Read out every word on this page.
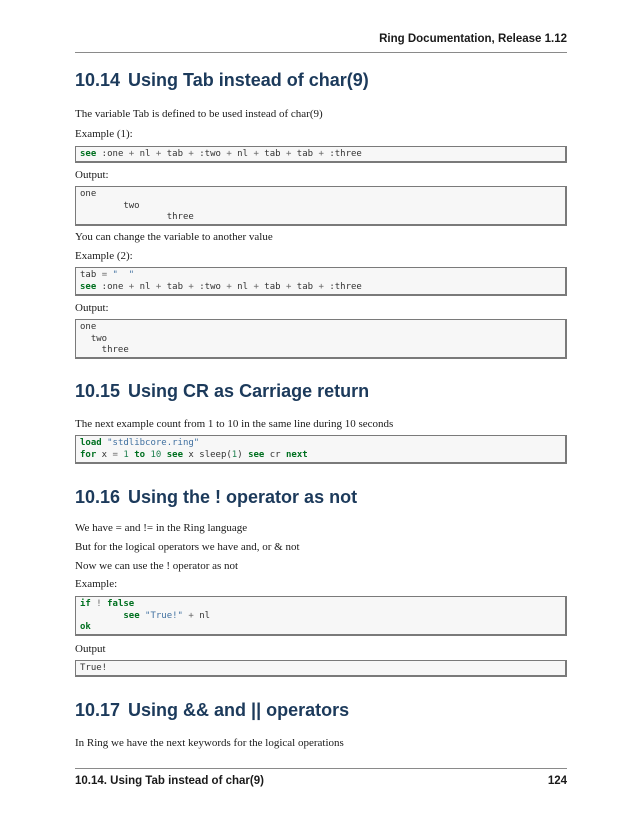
Ring Documentation, Release 1.12
10.14 Using Tab instead of char(9)

The variable Tab is defined to be used instead of char(9)

Example (1):

see :one + nl + tab + :two + nl + tab + tab + :three

Output:

one
two
three

You can change the variable to another value

Example (2):

tab = "  "
see :one + nl + tab + :two + nl + tab + tab + :three

Output:

one
two
three
10.15 Using CR as Carriage return

The next example count from 1 to 10 in the same line during 10 seconds

load "stdlibcore.ring"
for x = 1 to 10 see x sleep(1) see cr next
10.16 Using the ! operator as not

We have = and != in the Ring language

But for the logical operators we have and, or & not

Now we can use the ! operator as not

Example:

if ! false
see "True!" + nl
ok

Output

True!
10.17 Using && and || operators

In Ring we have the next keywords for the logical operations

10.14. Using Tab instead of char(9)	124
